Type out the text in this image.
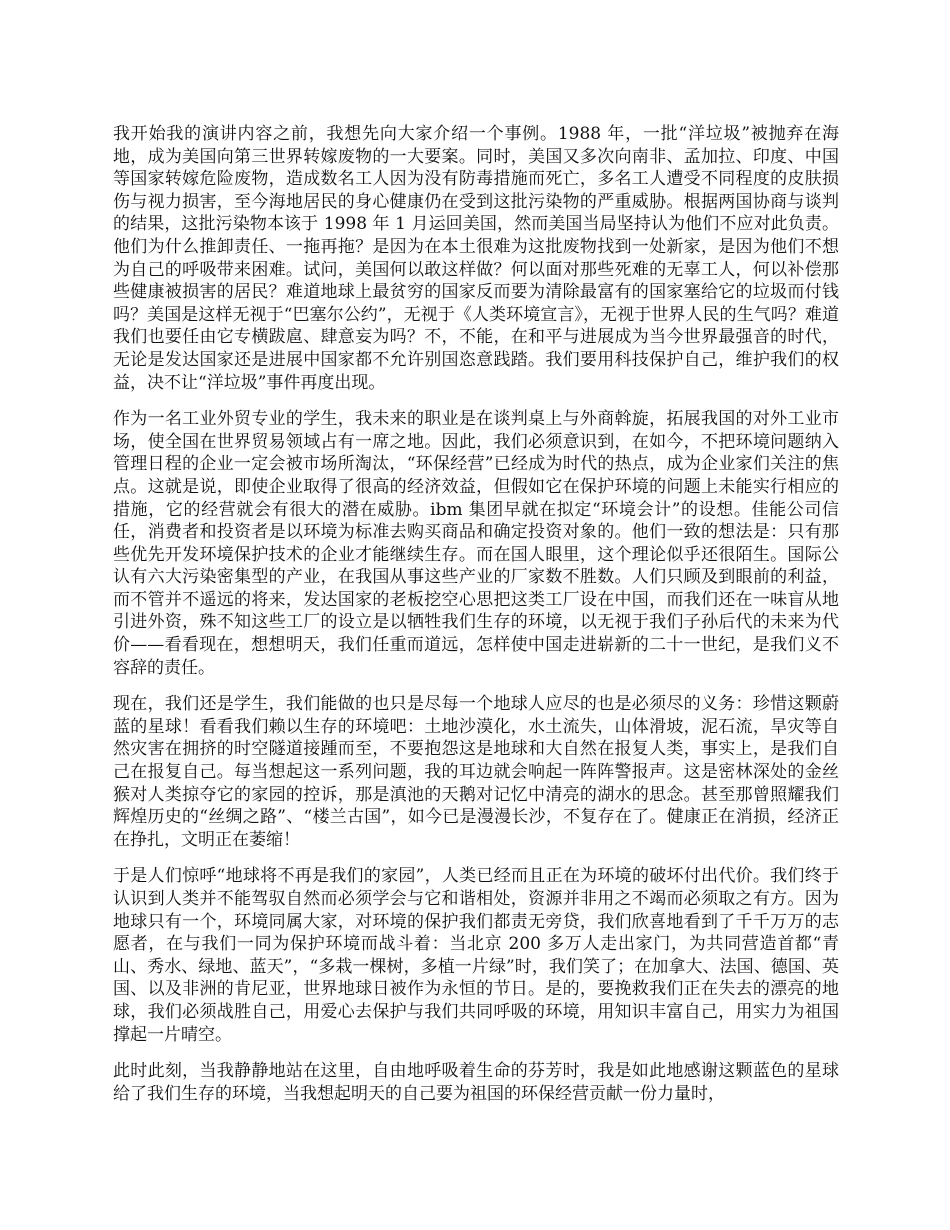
我开始我的演讲内容之前，我想先向大家介绍一个事例。1988 年，一批“洋垃圾”被抛弃在海地，成为美国向第三世界转嫁废物的一大要案。同时，美国又多次向南非、孟加拉、印度、中国等国家转嫁危险废物，造成数名工人因为没有防毒措施而死亡，多名工人遭受不同程度的皮肤损伤与视力损害，至今海地居民的身心健康仍在受到这批污染物的严重威胁。根据两国协商与谈判的结果，这批污染物本该于 1998 年 1 月运回美国，然而美国当局坚持认为他们不应对此负责。他们为什么推卸责任、一拖再拖？是因为在本土很难为这批废物找到一处新家，是因为他们不想为自己的呼吸带来困难。试问，美国何以敢这样做？何以面对那些死难的无辜工人，何以补偿那些健康被损害的居民？难道地球上最贫穷的国家反而要为清除最富有的国家塞给它的垃圾而付钱吗？美国是这样无视于“巴塞尔公约”，无视于《人类环境宣言》，无视于世界人民的生气吗？难道我们也要任由它专横跋扈、肆意妄为吗？不，不能，在和平与进展成为当今世界最强音的时代，无论是发达国家还是进展中国家都不允许别国恣意践踏。我们要用科技保护自己，维护我们的权益，决不让“洋垃圾”事件再度出现。

作为一名工业外贸专业的学生，我未来的职业是在谈判桌上与外商斡旋，拓展我国的对外工业市场，使全国在世界贸易领域占有一席之地。因此，我们必须意识到，在如今，不把环境问题纳入管理日程的企业一定会被市场所淘汰，“环保经营”已经成为时代的热点，成为企业家们关注的焦点。这就是说，即使企业取得了很高的经济效益，但假如它在保护环境的问题上未能实行相应的措施，它的经营就会有很大的潜在威胁。ibm 集团早就在拟定“环境会计”的设想。佳能公司信任，消费者和投资者是以环境为标准去购买商品和确定投资对象的。他们一致的想法是：只有那些优先开发环境保护技术的企业才能继续生存。而在国人眼里，这个理论似乎还很陌生。国际公认有六大污染密集型的产业，在我国从事这些产业的厂家数不胜数。人们只顾及到眼前的利益，而不管并不遥远的将来，发达国家的老板挖空心思把这类工厂设在中国，而我们还在一味盲从地引进外资，殊不知这些工厂的设立是以牺牲我们生存的环境，以无视于我们子孙后代的未来为代价——看看现在，想想明天，我们任重而道远，怎样使中国走进崭新的二十一世纪，是我们义不容辞的责任。

现在，我们还是学生，我们能做的也只是尽每一个地球人应尽的也是必须尽的义务：珍惜这颗蔚蓝的星球！看看我们赖以生存的环境吧：土地沙漠化，水土流失，山体滑坡，泥石流，旱灾等自然灾害在拥挤的时空隧道接踵而至，不要抱怨这是地球和大自然在报复人类，事实上，是我们自己在报复自己。每当想起这一系列问题，我的耳边就会响起一阵阵警报声。这是密林深处的金丝猴对人类掠夺它的家园的控诉，那是滇池的天鹅对记忆中清亮的湖水的思念。甚至那曾照耀我们辉煌历史的“丝绸之路”、“楼兰古国”，如今已是漫漫长沙，不复存在了。健康正在消损，经济正在挣扎，文明正在萎缩！

于是人们惊呼“地球将不再是我们的家园”，人类已经而且正在为环境的破坏付出代价。我们终于认识到人类并不能驾驭自然而必须学会与它和谐相处，资源并非用之不竭而必须取之有方。因为地球只有一个，环境同属大家，对环境的保护我们都责无旁贷，我们欣喜地看到了千千万万的志愿者，在与我们一同为保护环境而战斗着：当北京 200 多万人走出家门，为共同营造首都“青山、秀水、绿地、蓝天”，“多栽一棵树，多植一片绿”时，我们笑了；在加拿大、法国、德国、英国、以及非洲的肯尼亚，世界地球日被作为永恒的节日。是的，要挽救我们正在失去的漂亮的地球，我们必须战胜自己，用爱心去保护与我们共同呼吸的环境，用知识丰富自己，用实力为祖国撑起一片晴空。

此时此刻，当我静静地站在这里，自由地呼吸着生命的芬芳时，我是如此地感谢这颗蓝色的星球给了我们生存的环境，当我想起明天的自己要为祖国的环保经营贡献一份力量时，
